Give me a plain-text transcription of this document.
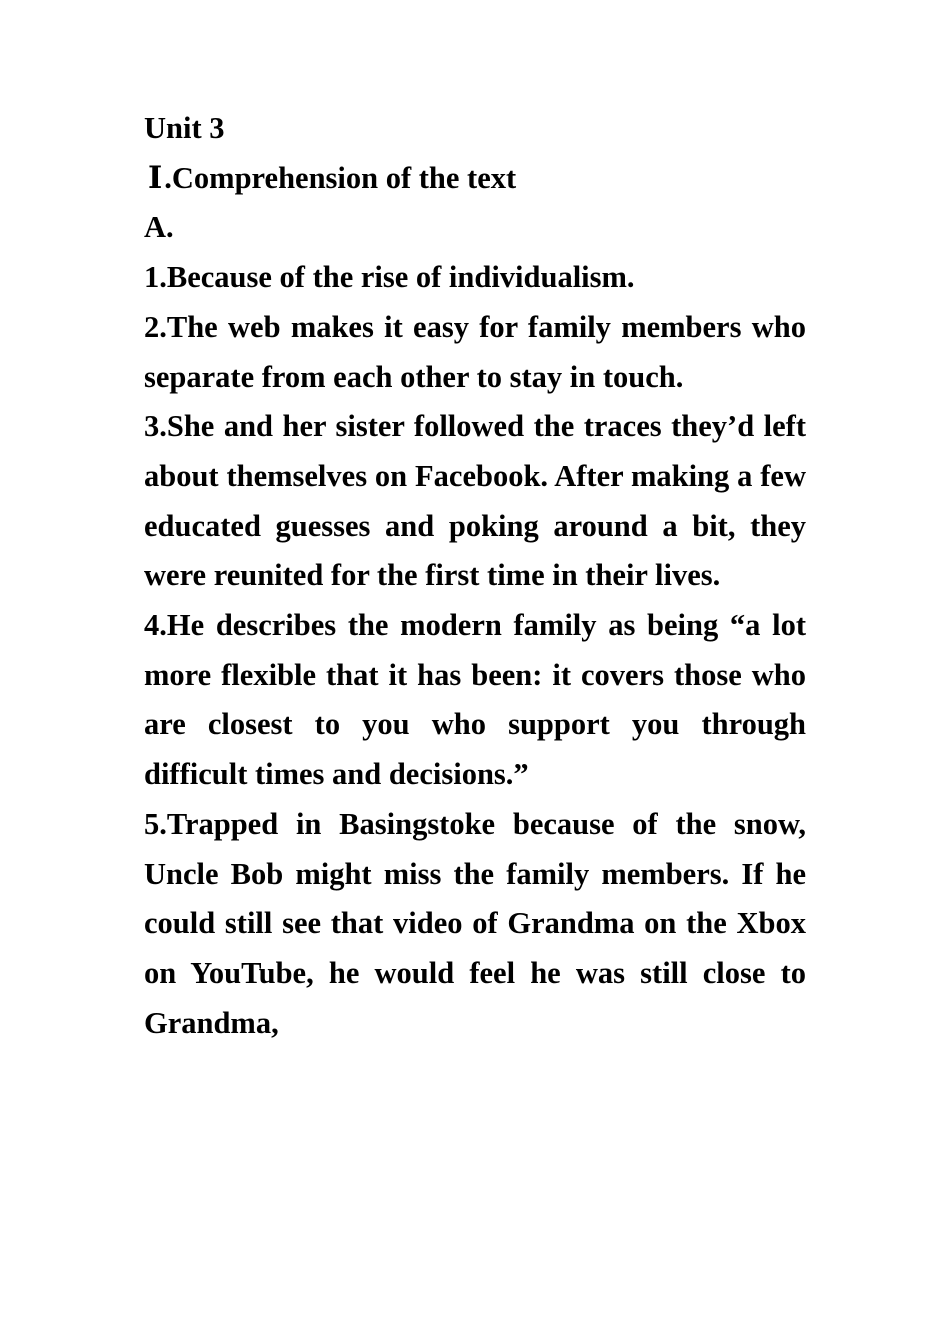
Unit 3
Ⅰ.Comprehension of the text
A.
1.Because of the rise of individualism.
2.The web makes it easy for family members who separate from each other to stay in touch.
3.She and her sister followed the traces they’d left about themselves on Facebook. After making a few educated guesses and poking around a bit, they were reunited for the first time in their lives.
4.He describes the modern family as being “a lot more flexible that it has been: it covers those who are closest to you who support you through difficult times and decisions.”
5.Trapped in Basingstoke because of the snow, Uncle Bob might miss the family members. If he could still see that video of Grandma on the Xbox on YouTube, he would feel he was still close to Grandma,
